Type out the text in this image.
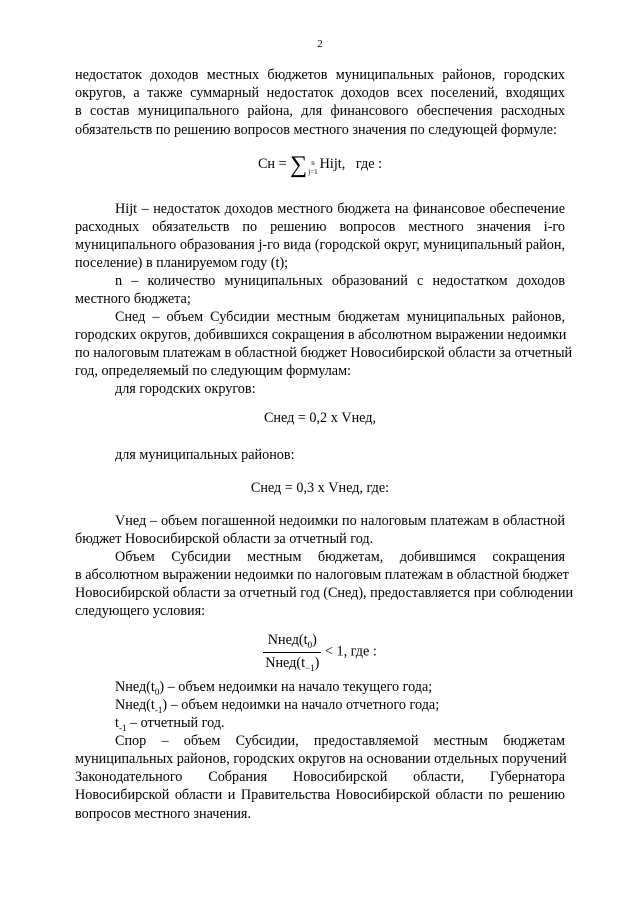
2
недостаток доходов местных бюджетов муниципальных районов, городских
округов, а также суммарный недостаток доходов всех поселений, входящих
в состав муниципального района, для финансового обеспечения расходных
обязательств по решению вопросов местного значения по следующей формуле:
Сн = ∑ n
j=1 Hijt, где :
Hijt – недостаток доходов местного бюджета на финансовое обеспечение
расходных обязательств по решению вопросов местного значения i-го
муниципального образования j-го вида (городской округ, муниципальный район,
поселение) в планируемом году (t);
n – количество муниципальных образований с недостатком доходов
местного бюджета;
Снед – объем Субсидии местным бюджетам муниципальных районов,
городских округов, добившихся сокращения в абсолютном выражении недоимки
по налоговым платежам в областной бюджет Новосибирской области за отчетный
год, определяемый по следующим формулам:
для городских округов:
Снед = 0,2 х Vнед,
для муниципальных районов:
Снед = 0,3 х Vнед, где:
Vнед – объем погашенной недоимки по налоговым платежам в областной
бюджет Новосибирской области за отчетный год.
Объем Субсидии местным бюджетам, добившимся сокращения
в абсолютном выражении недоимки по налоговым платежам в областной бюджет
Новосибирской области за отчетный год (Снед), предоставляется при соблюдении
следующего условия:
$\frac{Nнед(t_0)}{Nнед(t_{-1})} < 1$, где :
$Nнед(t_0)$ – объем недоимки на начало текущего года;
$Nнед(t_{-1})$ – объем недоимки на начало отчетного года;
$t_{-1}$ – отчетный год.
Спор – объем Субсидии, предоставляемой местным бюджетам
муниципальных районов, городских округов на основании отдельных поручений
Законодательного Собрания Новосибирской области, Губернатора
Новосибирской области и Правительства Новосибирской области по решению
вопросов местного значения.
